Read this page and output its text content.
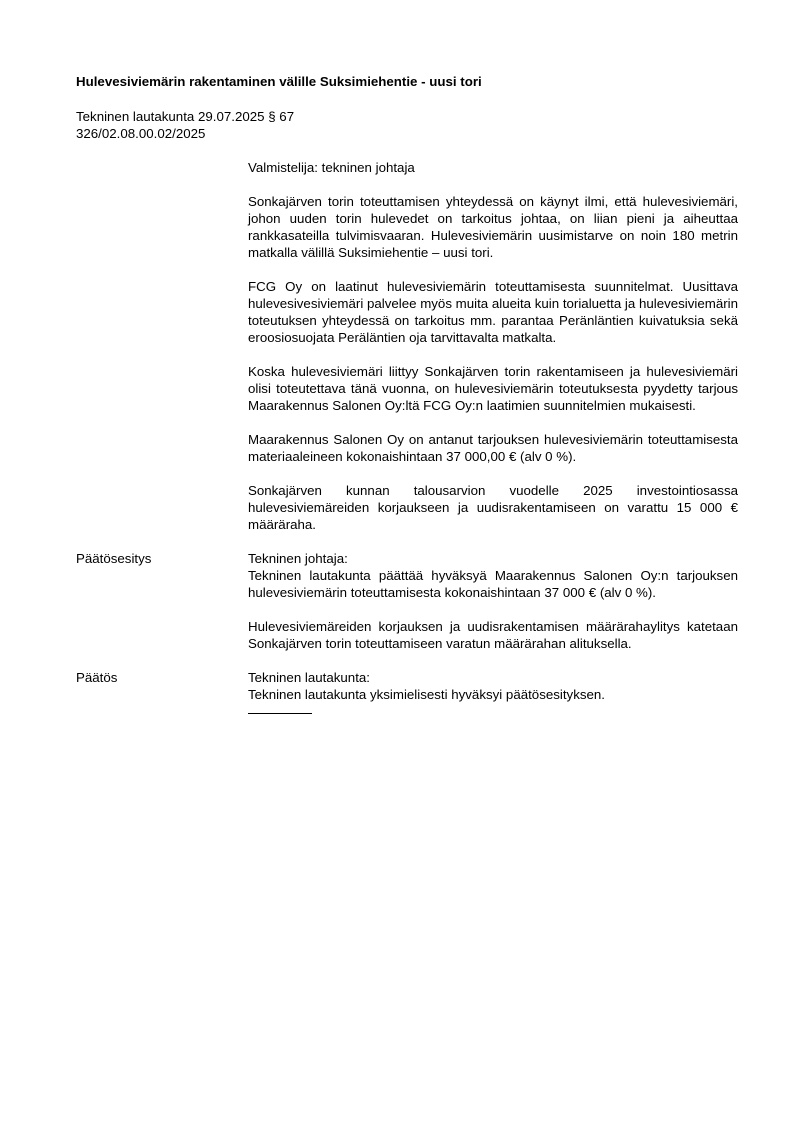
Hulevesiviemärin rakentaminen välille Suksimiehentie - uusi tori
Tekninen lautakunta 29.07.2025 § 67
326/02.08.00.02/2025

Valmistelija: tekninen johtaja

Sonkajärven torin toteuttamisen yhteydessä on käynyt ilmi, että hulevesiviemäri, johon uuden torin hulevedet on tarkoitus johtaa, on liian pieni ja aiheuttaa rankkasateilla tulvimisvaaran. Hulevesiviemärin uusimistarve on noin 180 metrin matkalla välillä Suksimiehentie – uusi tori.

FCG Oy on laatinut hulevesiviemärin toteuttamisesta suunnitelmat. Uusittava hulevesivesiviemäri palvelee myös muita alueita kuin torialuetta ja hulevesiviemärin toteutuksen yhteydessä on tarkoitus mm. parantaa Peränläntien kuivatuksia sekä eroosiosuojata Peräläntien oja tarvittavalta matkalta.

Koska hulevesiviemäri liittyy Sonkajärven torin rakentamiseen ja hulevesiviemäri olisi toteutettava tänä vuonna, on hulevesiviemärin toteutuksesta pyydetty tarjous Maarakennus Salonen Oy:ltä FCG Oy:n laatimien suunnitelmien mukaisesti.

Maarakennus Salonen Oy on antanut tarjouksen hulevesiviemärin toteuttamisesta materiaaleineen kokonaishintaan 37 000,00 € (alv 0 %).

Sonkajärven kunnan talousarvion vuodelle 2025 investointiosassa hulevesiviemäreiden korjaukseen ja uudisrakentamiseen on varattu 15 000 € määräraha.

Päätösesitys	Tekninen johtaja:

Tekninen lautakunta päättää hyväksyä Maarakennus Salonen Oy:n tarjouksen hulevesiviemärin toteuttamisesta kokonaishintaan 37 000 € (alv 0 %).

Hulevesiviemäreiden korjauksen ja uudisrakentamisen määrärahaylitys katetaan Sonkajärven torin toteuttamiseen varatun määrärahan alituksella.

Päätös	Tekninen lautakunta:

Tekninen lautakunta yksimielisesti hyväksyi päätösesityksen.
